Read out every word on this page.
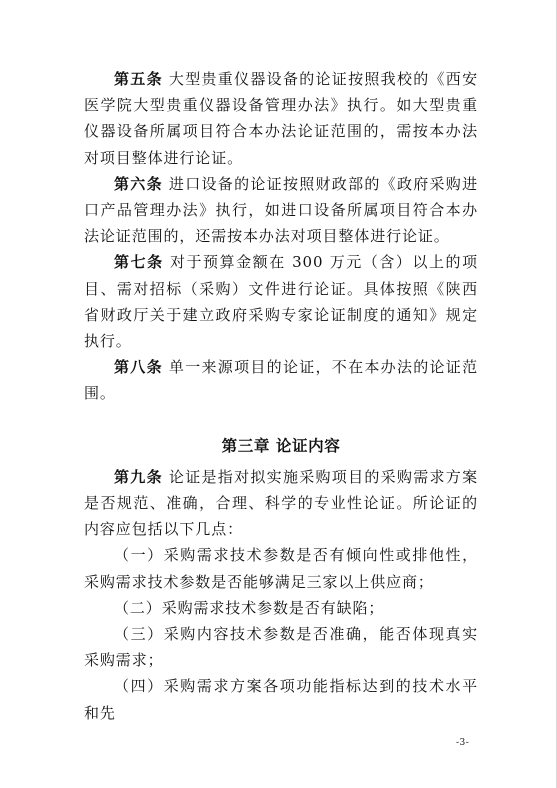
第五条 大型贵重仪器设备的论证按照我校的《西安医学院大型贵重仪器设备管理办法》执行。如大型贵重仪器设备所属项目符合本办法论证范围的，需按本办法对项目整体进行论证。

第六条 进口设备的论证按照财政部的《政府采购进口产品管理办法》执行，如进口设备所属项目符合本办法论证范围的，还需按本办法对项目整体进行论证。

第七条 对于预算金额在 300 万元（含）以上的项目、需对招标（采购）文件进行论证。具体按照《陕西省财政厅关于建立政府采购专家论证制度的通知》规定执行。

第八条 单一来源项目的论证，不在本办法的论证范围。

第三章 论证内容

第九条 论证是指对拟实施采购项目的采购需求方案是否规范、准确，合理、科学的专业性论证。所论证的内容应包括以下几点：

（一）采购需求技术参数是否有倾向性或排他性，采购需求技术参数是否能够满足三家以上供应商；

（二）采购需求技术参数是否有缺陷；

（三）采购内容技术参数是否准确，能否体现真实采购需求；

（四）采购需求方案各项功能指标达到的技术水平和先

-3-
